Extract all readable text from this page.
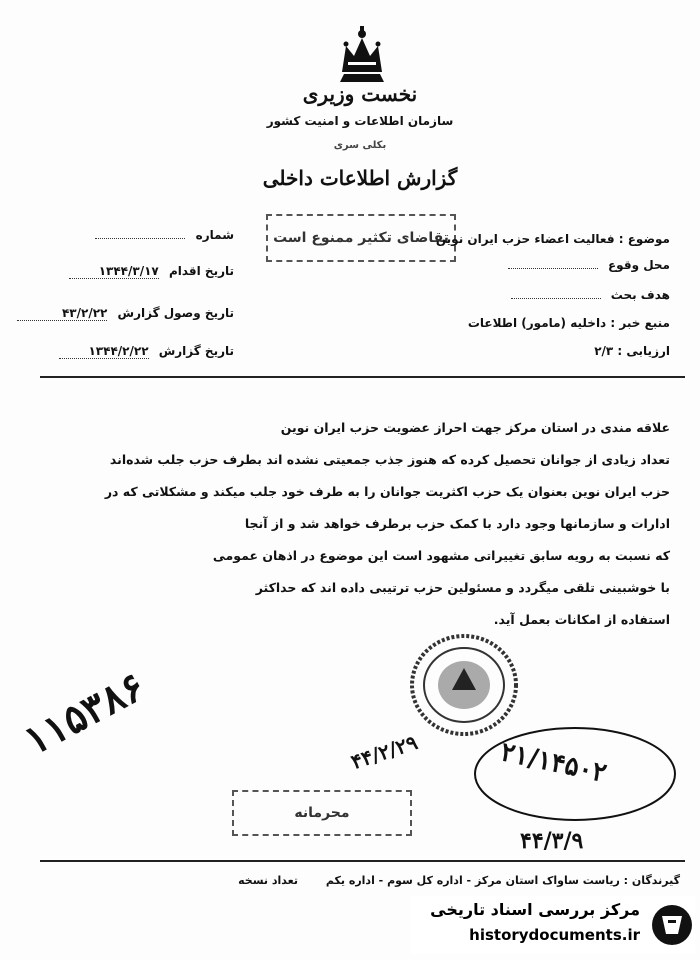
نخست وزیری
سازمان اطلاعات و امنیت کشور
بکلی سری
گزارش اطلاعات داخلی
تقاضای تکثیر ممنوع است
شماره
تاریخ اقدام ۱۳۴۴/۳/۱۷
تاریخ وصول گزارش ۴۳/۲/۲۲
تاریخ گزارش ۱۳۴۴/۲/۲۲
موضوع : فعالیت اعضاء حزب ایران نوین
محل وقوع
هدف بحث
منبع خبر : داخلیه (مامور) اطلاعات
ارزیابی : ۲/۳
علاقه مندی در استان مرکز جهت احراز عضویت حزب ایران نوین
تعداد زیادی از جوانان تحصیل کرده که هنوز جذب جمعیتی نشده اند بطرف حزب جلب شده‌اند
حزب ایران نوین بعنوان یک حزب اکثریت جوانان را به طرف خود جلب میکند و مشکلاتی که در
ادارات و سازمانها وجود دارد با کمک حزب برطرف خواهد شد و از آنجا
که نسبت به رویه سابق تغییراتی مشهود است این موضوع در اذهان عمومی
با خوشبینی تلقی میگردد و مسئولین حزب ترتیبی داده اند که حداکثر
استفاده از امکانات بعمل آید.
۱۱۵۳۸۶	۴۴/۲/۲۹	۲۱/۱۴۵۰۲
۴۴/۳/۹
محرمانه
گیرندگان : ریاست ساواک استان مرکز - اداره کل سوم - اداره یکم تعداد نسخه
مرکز بررسی اسناد تاریخی
historydocuments.ir
